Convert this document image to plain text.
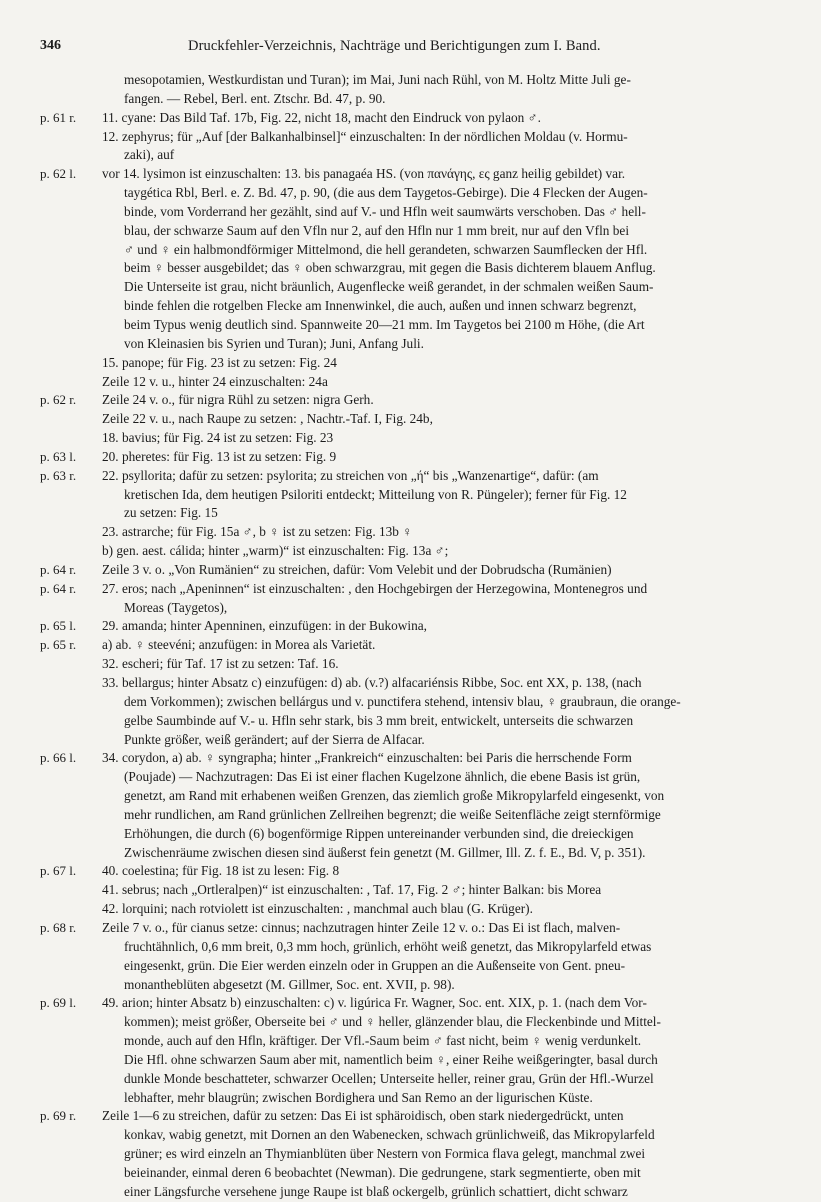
346	Druckfehler-Verzeichnis, Nachträge und Berichtigungen zum I. Band.
mesopotamien, Westkurdistan und Turan); im Mai, Juni nach Rühl, von M. Holtz Mitte Juli ge-
fangen. — Rebel, Berl. ent. Ztschr. Bd. 47, p. 90.
p. 61 r. 11. cyane: Das Bild Taf. 17b, Fig. 22, nicht 18, macht den Eindruck von pylaon ♂.
12. zephyrus; für „Auf [der Balkanhalbinsel]“ einzuschalten: In der nördlichen Moldau (v. Hormu-
zaki), auf
p. 62 l. vor 14. lysimon ist einzuschalten: 13. bis panagaéa HS. (von πανάγης, ες ganz heilig gebildet) var.
taygética Rbl, Berl. e. Z. Bd. 47, p. 90, (die aus dem Taygetos-Gebirge). Die 4 Flecken der Augen-
binde, vom Vorderrand her gezählt, sind auf V.- und Hfln weit saumwärts verschoben. Das ♂ hell-
blau, der schwarze Saum auf den Vfln nur 2, auf den Hfln nur 1 mm breit, nur auf den Vfln bei
♂ und ♀ ein halbmondförmiger Mittelmond, die hell gerandeten, schwarzen Saumflecken der Hfl.
beim ♀ besser ausgebildet; das ♀ oben schwarzgrau, mit gegen die Basis dichterem blauem Anflug.
Die Unterseite ist grau, nicht bräunlich, Augenflecke weiß gerandet, in der schmalen weißen Saum-
binde fehlen die rotgelben Flecke am Innenwinkel, die auch, außen und innen schwarz begrenzt,
beim Typus wenig deutlich sind. Spannweite 20—21 mm. Im Taygetos bei 2100 m Höhe, (die Art
von Kleinasien bis Syrien und Turan); Juni, Anfang Juli.
15. panope; für Fig. 23 ist zu setzen: Fig. 24
Zeile 12 v. u., hinter 24 einzuschalten: 24a
p. 62 r. Zeile 24 v. o., für nigra Rühl zu setzen: nigra Gerh.
Zeile 22 v. u., nach Raupe zu setzen: , Nachtr.-Taf. I, Fig. 24b,
18. bavius; für Fig. 24 ist zu setzen: Fig. 23
p. 63 l. 20. pheretes: für Fig. 13 ist zu setzen: Fig. 9
p. 63 r. 22. psyllorita; dafür zu setzen: psylorita; zu streichen von „ή“ bis „Wanzenartige“, dafür: (am
kretischen Ida, dem heutigen Psiloriti entdeckt; Mitteilung von R. Püngeler); ferner für Fig. 12
zu setzen: Fig. 15
23. astrarche; für Fig. 15a ♂, b ♀ ist zu setzen: Fig. 13b ♀
b) gen. aest. cálida; hinter „warm)“ ist einzuschalten: Fig. 13a ♂;
p. 64 r. Zeile 3 v. o. „Von Rumänien“ zu streichen, dafür: Vom Velebit und der Dobrudscha (Rumänien)
p. 64 r. 27. eros; nach „Apeninnen“ ist einzuschalten: , den Hochgebirgen der Herzegowina, Montenegros und
Moreas (Taygetos),
p. 65 l. 29. amanda; hinter Apenninen, einzufügen: in der Bukowina,
p. 65 r. a) ab. ♀ steevéni; anzufügen: in Morea als Varietät.
32. escheri; für Taf. 17 ist zu setzen: Taf. 16.
33. bellargus; hinter Absatz c) einzufügen: d) ab. (v.?) alfacariénsis Ribbe, Soc. ent XX, p. 138, (nach
dem Vorkommen); zwischen bellárgus und v. punctifera stehend, intensiv blau, ♀ graubraun, die orange-
gelbe Saumbinde auf V.- u. Hfln sehr stark, bis 3 mm breit, entwickelt, unterseits die schwarzen
Punkte größer, weiß gerändert; auf der Sierra de Alfacar.
p. 66 l. 34. corydon, a) ab. ♀ syngrapha; hinter „Frankreich“ einzuschalten: bei Paris die herrschende Form
(Poujade) — Nachzutragen: Das Ei ist einer flachen Kugelzone ähnlich, die ebene Basis ist grün,
genetzt, am Rand mit erhabenen weißen Grenzen, das ziemlich große Mikropylarfeld eingesenkt, von
mehr rundlichen, am Rand grünlichen Zellreihen begrenzt; die weiße Seitenfläche zeigt sternförmige
Erhöhungen, die durch (6) bogenförmige Rippen untereinander verbunden sind, die dreieckigen
Zwischenräume zwischen diesen sind äußerst fein genetzt (M. Gillmer, Ill. Z. f. E., Bd. V, p. 351).
p. 67 l. 40. coelestina; für Fig. 18 ist zu lesen: Fig. 8
41. sebrus; nach „Ortleralpen)“ ist einzuschalten: , Taf. 17, Fig. 2 ♂; hinter Balkan: bis Morea
42. lorquini; nach rotviolett ist einzuschalten: , manchmal auch blau (G. Krüger).
p. 68 r. Zeile 7 v. o., für cianus setze: cinnus; nachzutragen hinter Zeile 12 v. o.: Das Ei ist flach, malven-
fruchtähnlich, 0,6 mm breit, 0,3 mm hoch, grünlich, erhöht weiß genetzt, das Mikropylarfeld etwas
eingesenkt, grün. Die Eier werden einzeln oder in Gruppen an die Außenseite von Gent. pneu-
monantheblüten abgesetzt (M. Gillmer, Soc. ent. XVII, p. 98).
p. 69 l. 49. arion; hinter Absatz b) einzuschalten: c) v. ligúrica Fr. Wagner, Soc. ent. XIX, p. 1. (nach dem Vor-
kommen); meist größer, Oberseite bei ♂ und ♀ heller, glänzender blau, die Fleckenbinde und Mittel-
monde, auch auf den Hfln, kräftiger. Der Vfl.-Saum beim ♂ fast nicht, beim ♀ wenig verdunkelt.
Die Hfl. ohne schwarzen Saum aber mit, namentlich beim ♀, einer Reihe weißgeringter, basal durch
dunkle Monde beschatteter, schwarzer Ocellen; Unterseite heller, reiner grau, Grün der Hfl.-Wurzel
lebhafter, mehr blaugrün; zwischen Bordighera und San Remo an der ligurischen Küste.
p. 69 r. Zeile 1—6 zu streichen, dafür zu setzen: Das Ei ist sphäroidisch, oben stark niedergedrückt, unten
konkav, wabig genetzt, mit Dornen an den Wabenecken, schwach grünlichweiß, das Mikropylarfeld
grüner; es wird einzeln an Thymianblüten über Nestern von Formica flava gelegt, manchmal zwei
beieinander, einmal deren 6 beobachtet (Newman). Die gedrungene, stark segmentierte, oben mit
einer Längsfurche versehene junge Raupe ist blaß ockergelb, grünlich schattiert, dicht schwarz
